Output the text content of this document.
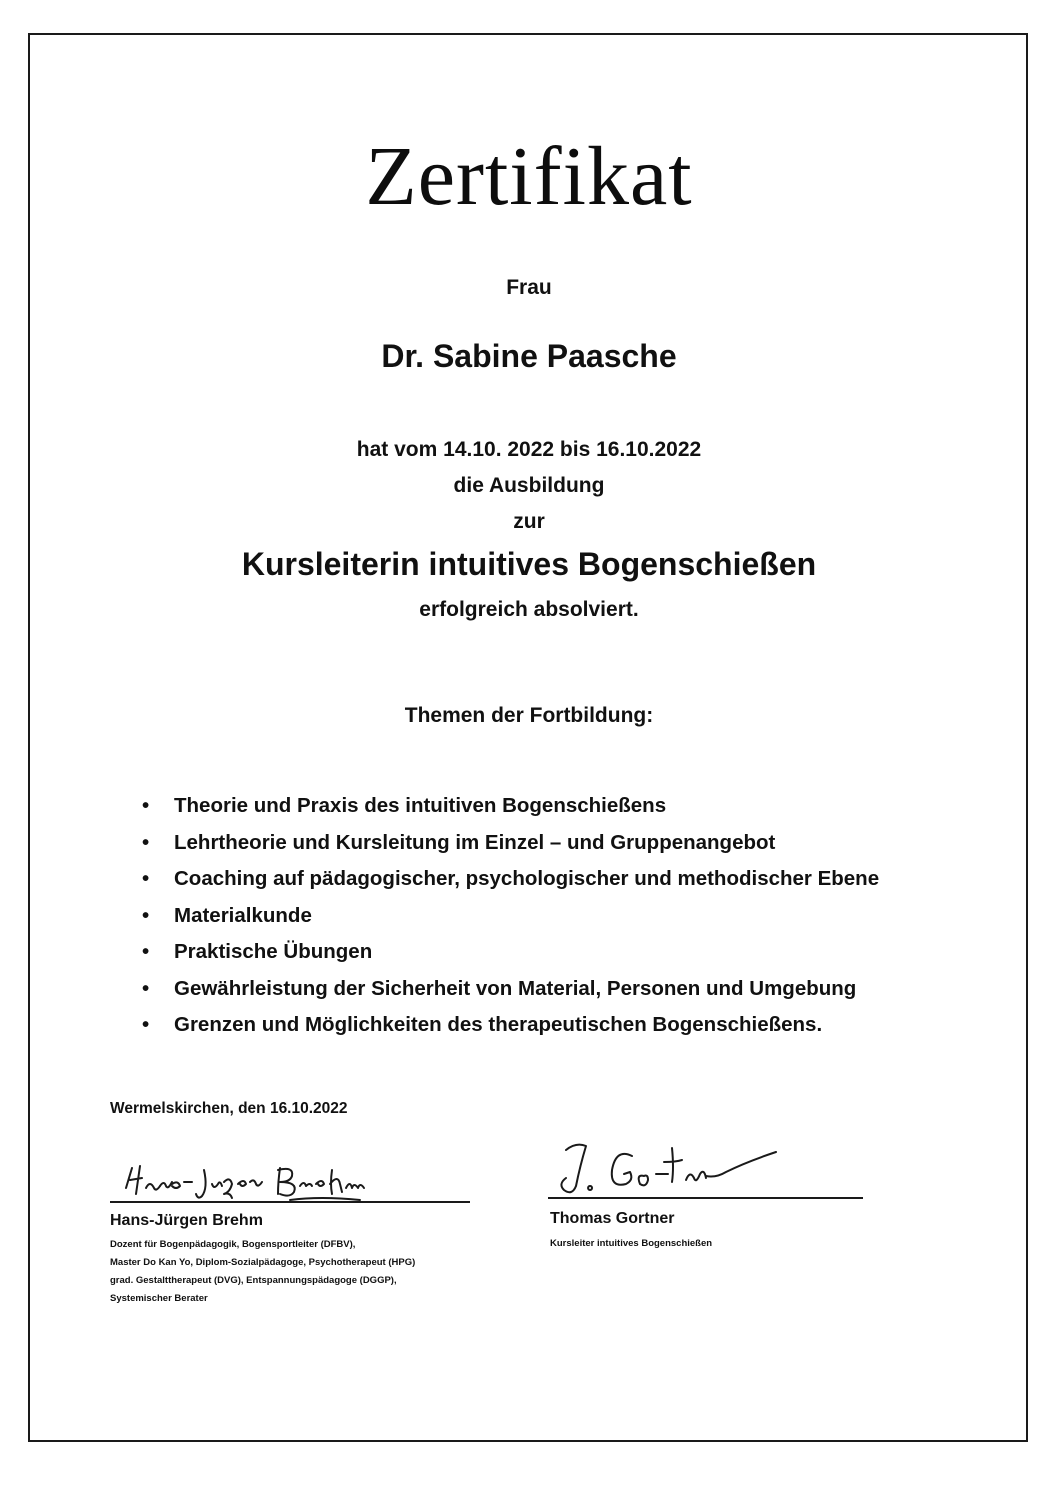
Zertifikat
Frau
Dr. Sabine Paasche
hat vom 14.10. 2022 bis 16.10.2022
die Ausbildung
zur
Kursleiterin intuitives Bogenschießen
erfolgreich absolviert.
Themen der Fortbildung:
• Theorie und Praxis des intuitiven Bogenschießens
• Lehrtheorie und Kursleitung im Einzel – und Gruppenangebot
• Coaching auf pädagogischer, psychologischer und methodischer Ebene
• Materialkunde
• Praktische Übungen
• Gewährleistung der Sicherheit von Material, Personen und Umgebung
• Grenzen und Möglichkeiten des therapeutischen Bogenschießens.
Wermelskirchen, den 16.10.2022
Hans-Jürgen Brehm
Dozent für Bogenpädagogik, Bogensportleiter (DFBV),
Master Do Kan Yo, Diplom-Sozialpädagoge, Psychotherapeut (HPG)
grad. Gestalttherapeut (DVG), Entspannungspädagoge (DGGP),
Systemischer Berater
Thomas Gortner
Kursleiter intuitives Bogenschießen
